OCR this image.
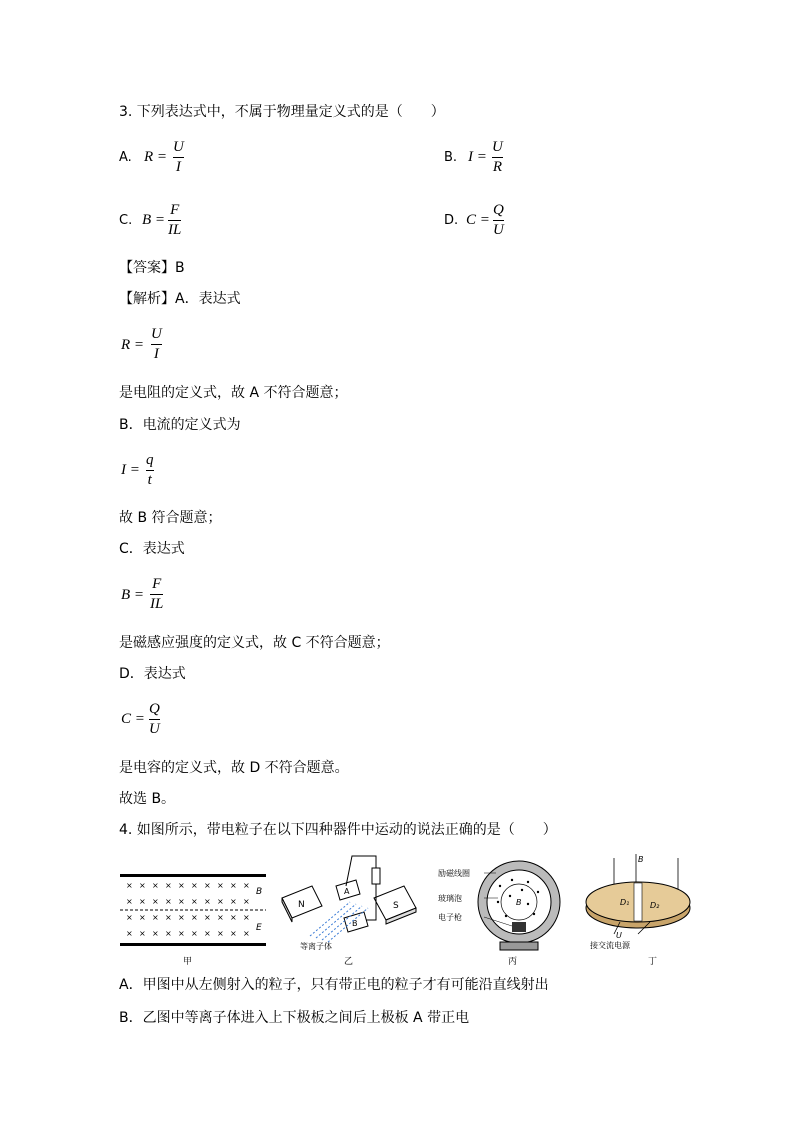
3. 下列表达式中，不属于物理量定义式的是（　　）
A. R =
U
I
B. I =
U
R
C. B =
F
IL
D. C =
Q
U
【答案】B
【解析】A．表达式
R =
U
I
是电阻的定义式，故 A 不符合题意；
B．电流的定义式为
I =
q
t
故 B 符合题意；
C．表达式
B =
F
IL
是磁感应强度的定义式，故 C 不符合题意；
D．表达式
C =
Q
U
是电容的定义式，故 D 不符合题意。
故选 B。
4. 如图所示，带电粒子在以下四种器件中运动的说法正确的是（　　）
× × × × × × × × × ×
× × × × × × × × × ×
× × × × × × × × × ×
× × × × × × × × × ×
B
E
甲
N
A
B
S
等离子体
乙
B
励磁线圈
玻璃泡
电子枪
丙
B
D₁	D₂
U
接交流电源
丁
A．甲图中从左侧射入的粒子，只有带正电的粒子才有可能沿直线射出
B．乙图中等离子体进入上下极板之间后上极板 A 带正电
